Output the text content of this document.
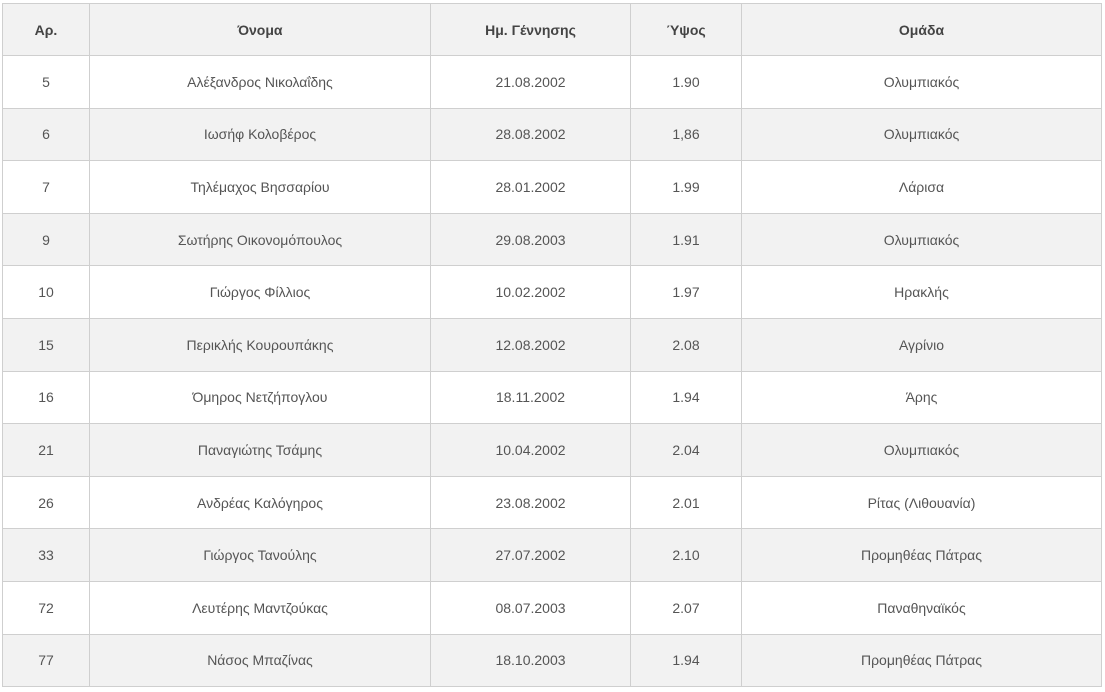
Αρ.	Όνομα	Ημ. Γέννησης	Ύψος	Ομάδα
5	Αλέξανδρος Νικολαΐδης	21.08.2002	1.90	Ολυμπιακός
6	Ιωσήφ Κολοβέρος	28.08.2002	1,86	Ολυμπιακός
7	Τηλέμαχος Βησσαρίου	28.01.2002	1.99	Λάρισα
9	Σωτήρης Οικονομόπουλος	29.08.2003	1.91	Ολυμπιακός
10	Γιώργος Φίλλιος	10.02.2002	1.97	Ηρακλής
15	Περικλής Κουρουπάκης	12.08.2002	2.08	Αγρίνιο
16	Όμηρος Νετζήπογλου	18.11.2002	1.94	Άρης
21	Παναγιώτης Τσάμης	10.04.2002	2.04	Ολυμπιακός
26	Ανδρέας Καλόγηρος	23.08.2002	2.01	Ρίτας (Λιθουανία)
33	Γιώργος Τανούλης	27.07.2002	2.10	Προμηθέας Πάτρας
72	Λευτέρης Μαντζούκας	08.07.2003	2.07	Παναθηναϊκός
77	Νάσος Μπαζίνας	18.10.2003	1.94	Προμηθέας Πάτρας
